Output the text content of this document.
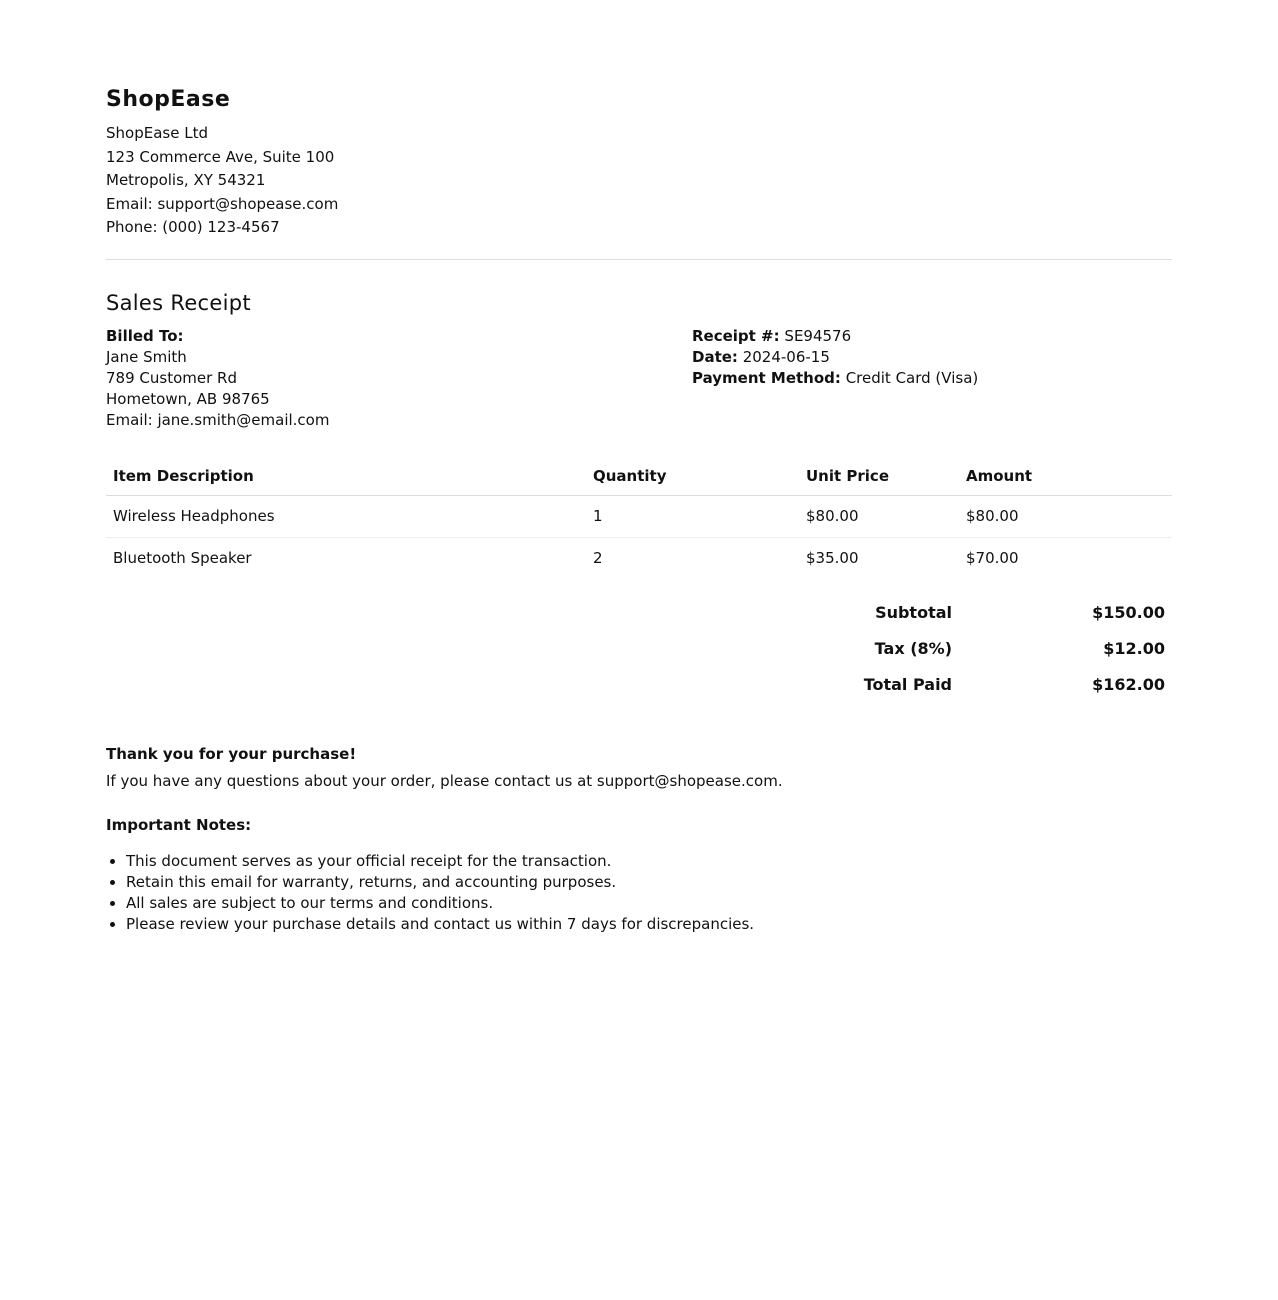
ShopEase
ShopEase Ltd
123 Commerce Ave, Suite 100
Metropolis, XY 54321
Email: support@shopease.com
Phone: (000) 123-4567
Sales Receipt
Billed To:
Jane Smith
789 Customer Rd
Hometown, AB 98765
Email: jane.smith@email.com
Receipt #: SE94576
Date: 2024-06-15
Payment Method: Credit Card (Visa)
Item Description	Quantity	Unit Price	Amount
Wireless Headphones	1	$80.00	$80.00
Bluetooth Speaker	2	$35.00	$70.00
Subtotal	$150.00
Tax (8%)	$12.00
Total Paid	$162.00
Thank you for your purchase!
If you have any questions about your order, please contact us at support@shopease.com.
Important Notes:
• This document serves as your official receipt for the transaction.
• Retain this email for warranty, returns, and accounting purposes.
• All sales are subject to our terms and conditions.
• Please review your purchase details and contact us within 7 days for discrepancies.
